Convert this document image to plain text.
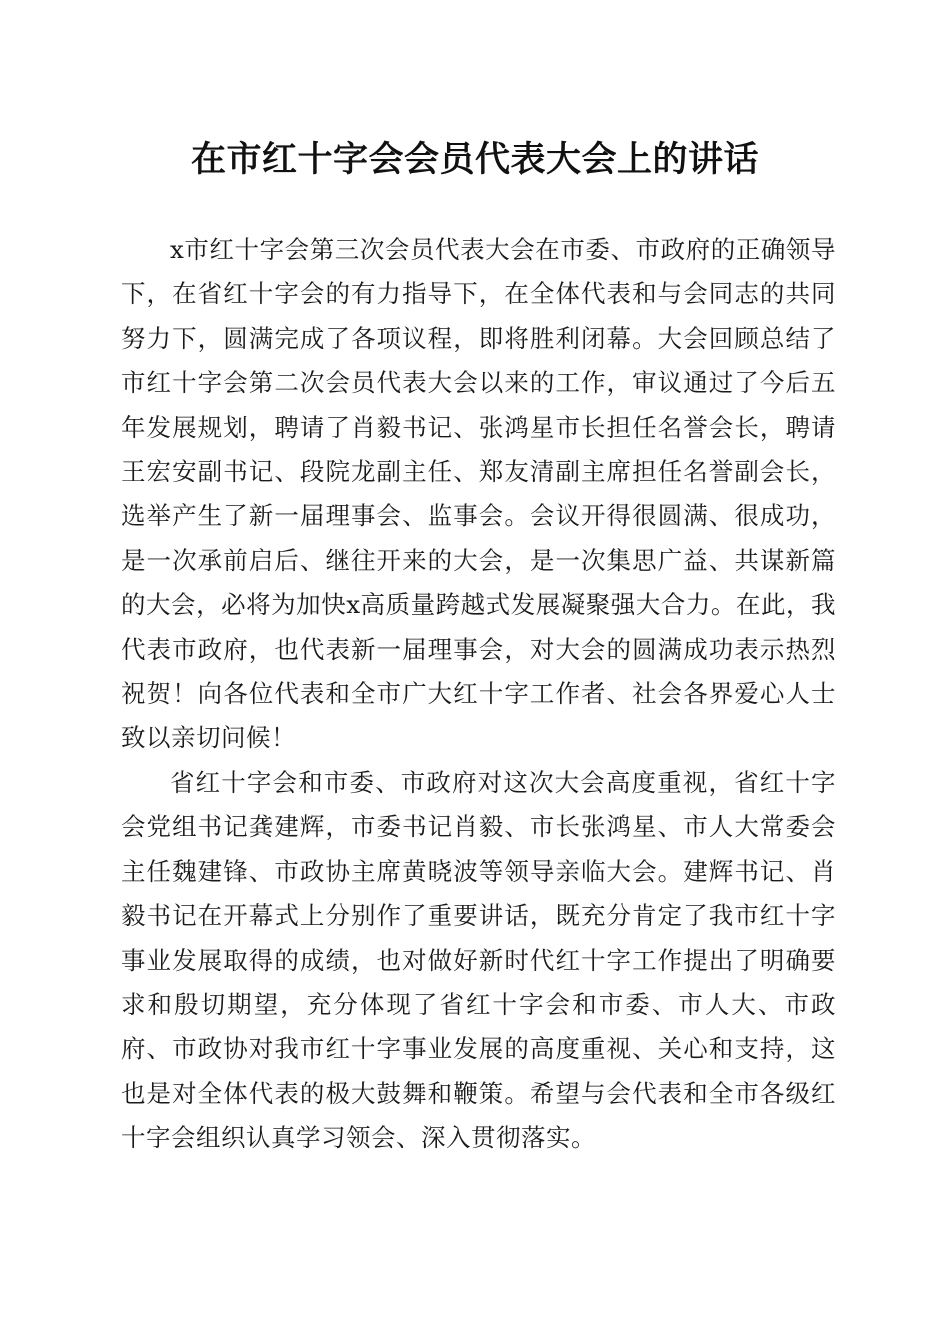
在市红十字会会员代表大会上的讲话

x市红十字会第三次会员代表大会在市委、市政府的正确领导下，在省红十字会的有力指导下，在全体代表和与会同志的共同努力下，圆满完成了各项议程，即将胜利闭幕。大会回顾总结了市红十字会第二次会员代表大会以来的工作，审议通过了今后五年发展规划，聘请了肖毅书记、张鸿星市长担任名誉会长，聘请王宏安副书记、段院龙副主任、郑友清副主席担任名誉副会长，选举产生了新一届理事会、监事会。会议开得很圆满、很成功，是一次承前启后、继往开来的大会，是一次集思广益、共谋新篇的大会，必将为加快x高质量跨越式发展凝聚强大合力。在此，我代表市政府，也代表新一届理事会，对大会的圆满成功表示热烈祝贺！向各位代表和全市广大红十字工作者、社会各界爱心人士致以亲切问候！

省红十字会和市委、市政府对这次大会高度重视，省红十字会党组书记龚建辉，市委书记肖毅、市长张鸿星、市人大常委会主任魏建锋、市政协主席黄晓波等领导亲临大会。建辉书记、肖毅书记在开幕式上分别作了重要讲话，既充分肯定了我市红十字事业发展取得的成绩，也对做好新时代红十字工作提出了明确要求和殷切期望，充分体现了省红十字会和市委、市人大、市政府、市政协对我市红十字事业发展的高度重视、关心和支持，这也是对全体代表的极大鼓舞和鞭策。希望与会代表和全市各级红十字会组织认真学习领会、深入贯彻落实。
